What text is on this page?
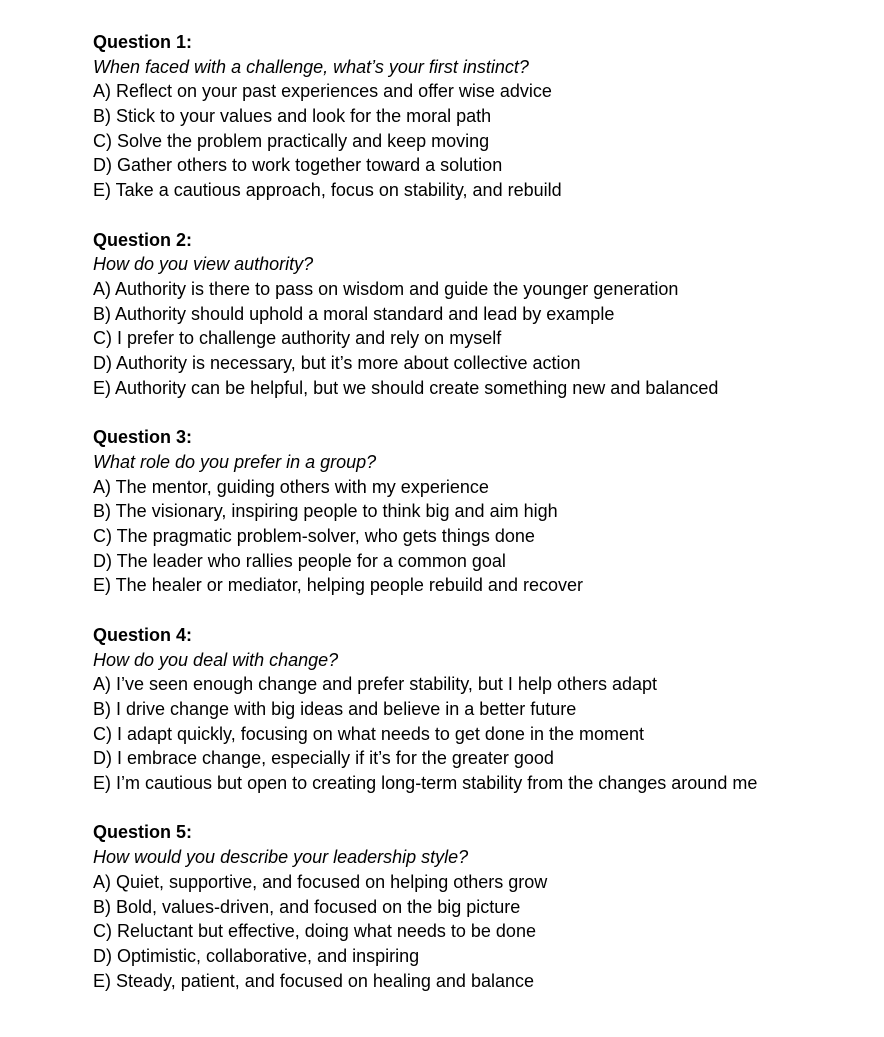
Question 1:
When faced with a challenge, what’s your first instinct?
A) Reflect on your past experiences and offer wise advice
B) Stick to your values and look for the moral path
C) Solve the problem practically and keep moving
D) Gather others to work together toward a solution
E) Take a cautious approach, focus on stability, and rebuild
Question 2:
How do you view authority?
A) Authority is there to pass on wisdom and guide the younger generation
B) Authority should uphold a moral standard and lead by example
C) I prefer to challenge authority and rely on myself
D) Authority is necessary, but it’s more about collective action
E) Authority can be helpful, but we should create something new and balanced
Question 3:
What role do you prefer in a group?
A) The mentor, guiding others with my experience
B) The visionary, inspiring people to think big and aim high
C) The pragmatic problem-solver, who gets things done
D) The leader who rallies people for a common goal
E) The healer or mediator, helping people rebuild and recover
Question 4:
How do you deal with change?
A) I’ve seen enough change and prefer stability, but I help others adapt
B) I drive change with big ideas and believe in a better future
C) I adapt quickly, focusing on what needs to get done in the moment
D) I embrace change, especially if it’s for the greater good
E) I’m cautious but open to creating long-term stability from the changes around me
Question 5:
How would you describe your leadership style?
A) Quiet, supportive, and focused on helping others grow
B) Bold, values-driven, and focused on the big picture
C) Reluctant but effective, doing what needs to be done
D) Optimistic, collaborative, and inspiring
E) Steady, patient, and focused on healing and balance
